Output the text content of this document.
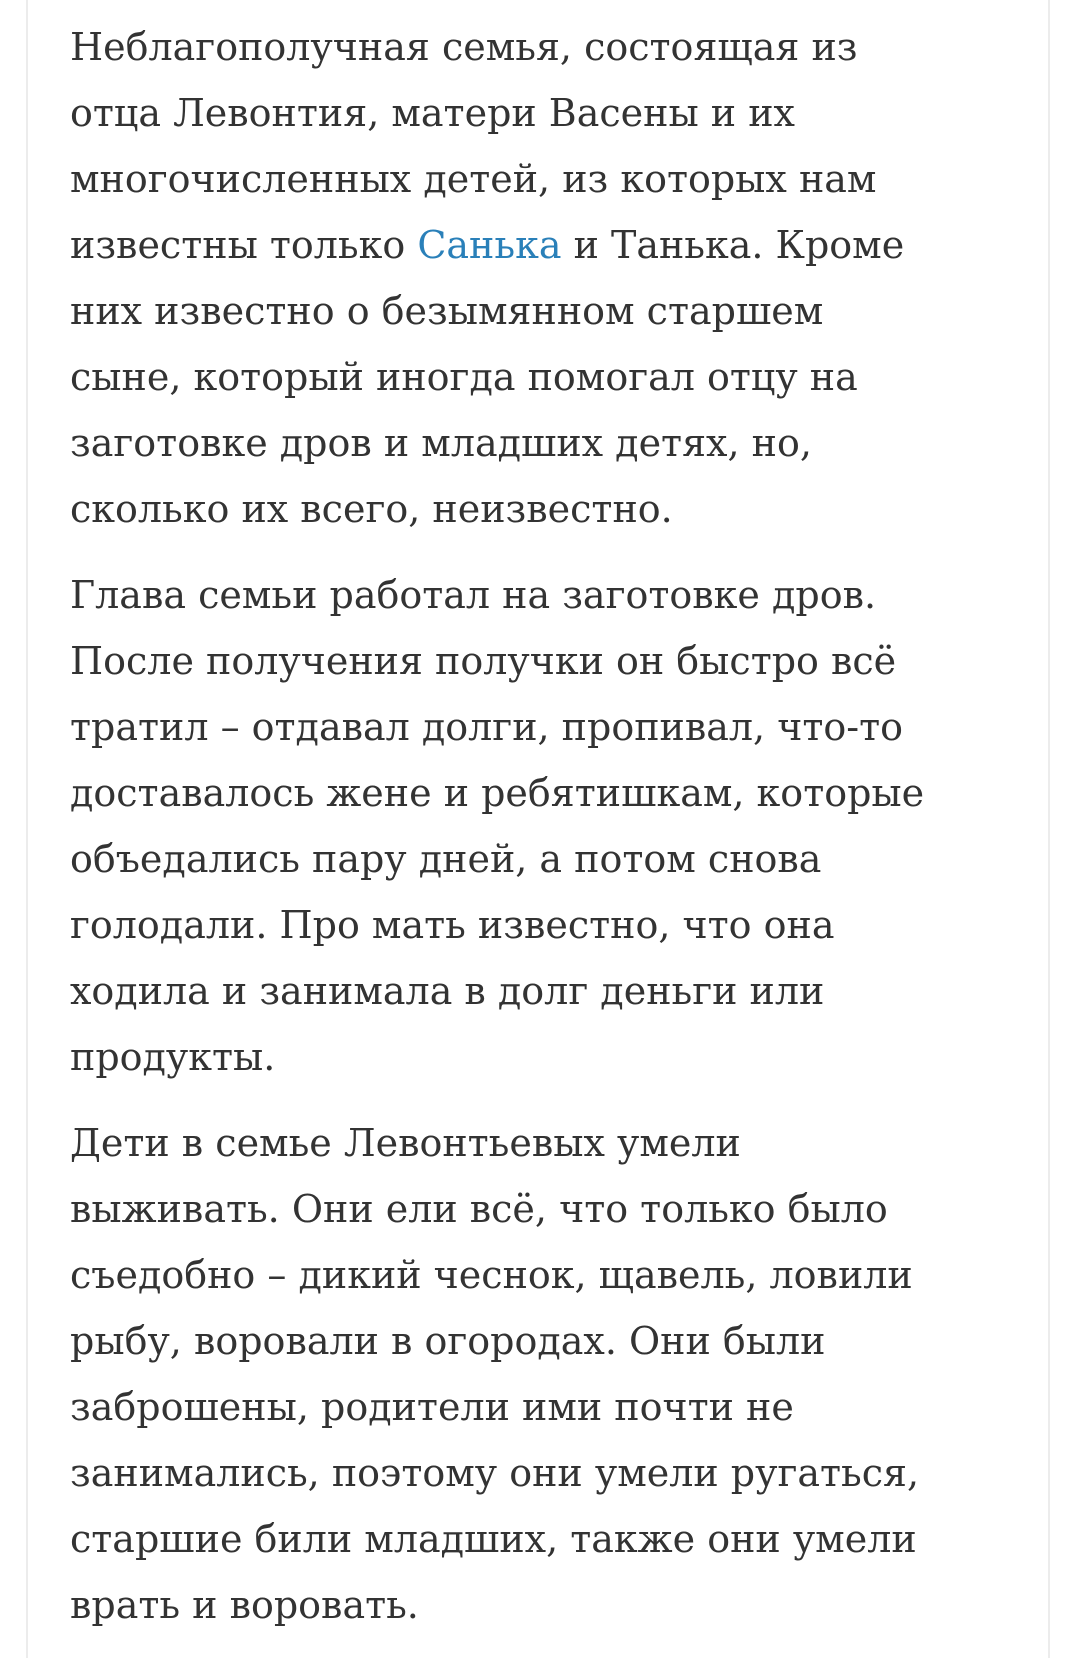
Неблагополучная семья, состоящая из
отца Левонтия, матери Васены и их
многочисленных детей, из которых нам
известны только Санька и Танька. Кроме
них известно о безымянном старшем
сыне, который иногда помогал отцу на
заготовке дров и младших детях, но,
сколько их всего, неизвестно.

Глава семьи работал на заготовке дров.
После получения получки он быстро всё
тратил – отдавал долги, пропивал, что-то
доставалось жене и ребятишкам, которые
объедались пару дней, а потом снова
голодали. Про мать известно, что она
ходила и занимала в долг деньги или
продукты.

Дети в семье Левонтьевых умели
выживать. Они ели всё, что только было
съедобно – дикий чеснок, щавель, ловили
рыбу, воровали в огородах. Они были
заброшены, родители ими почти не
занимались, поэтому они умели ругаться,
старшие били младших, также они умели
врать и воровать.
